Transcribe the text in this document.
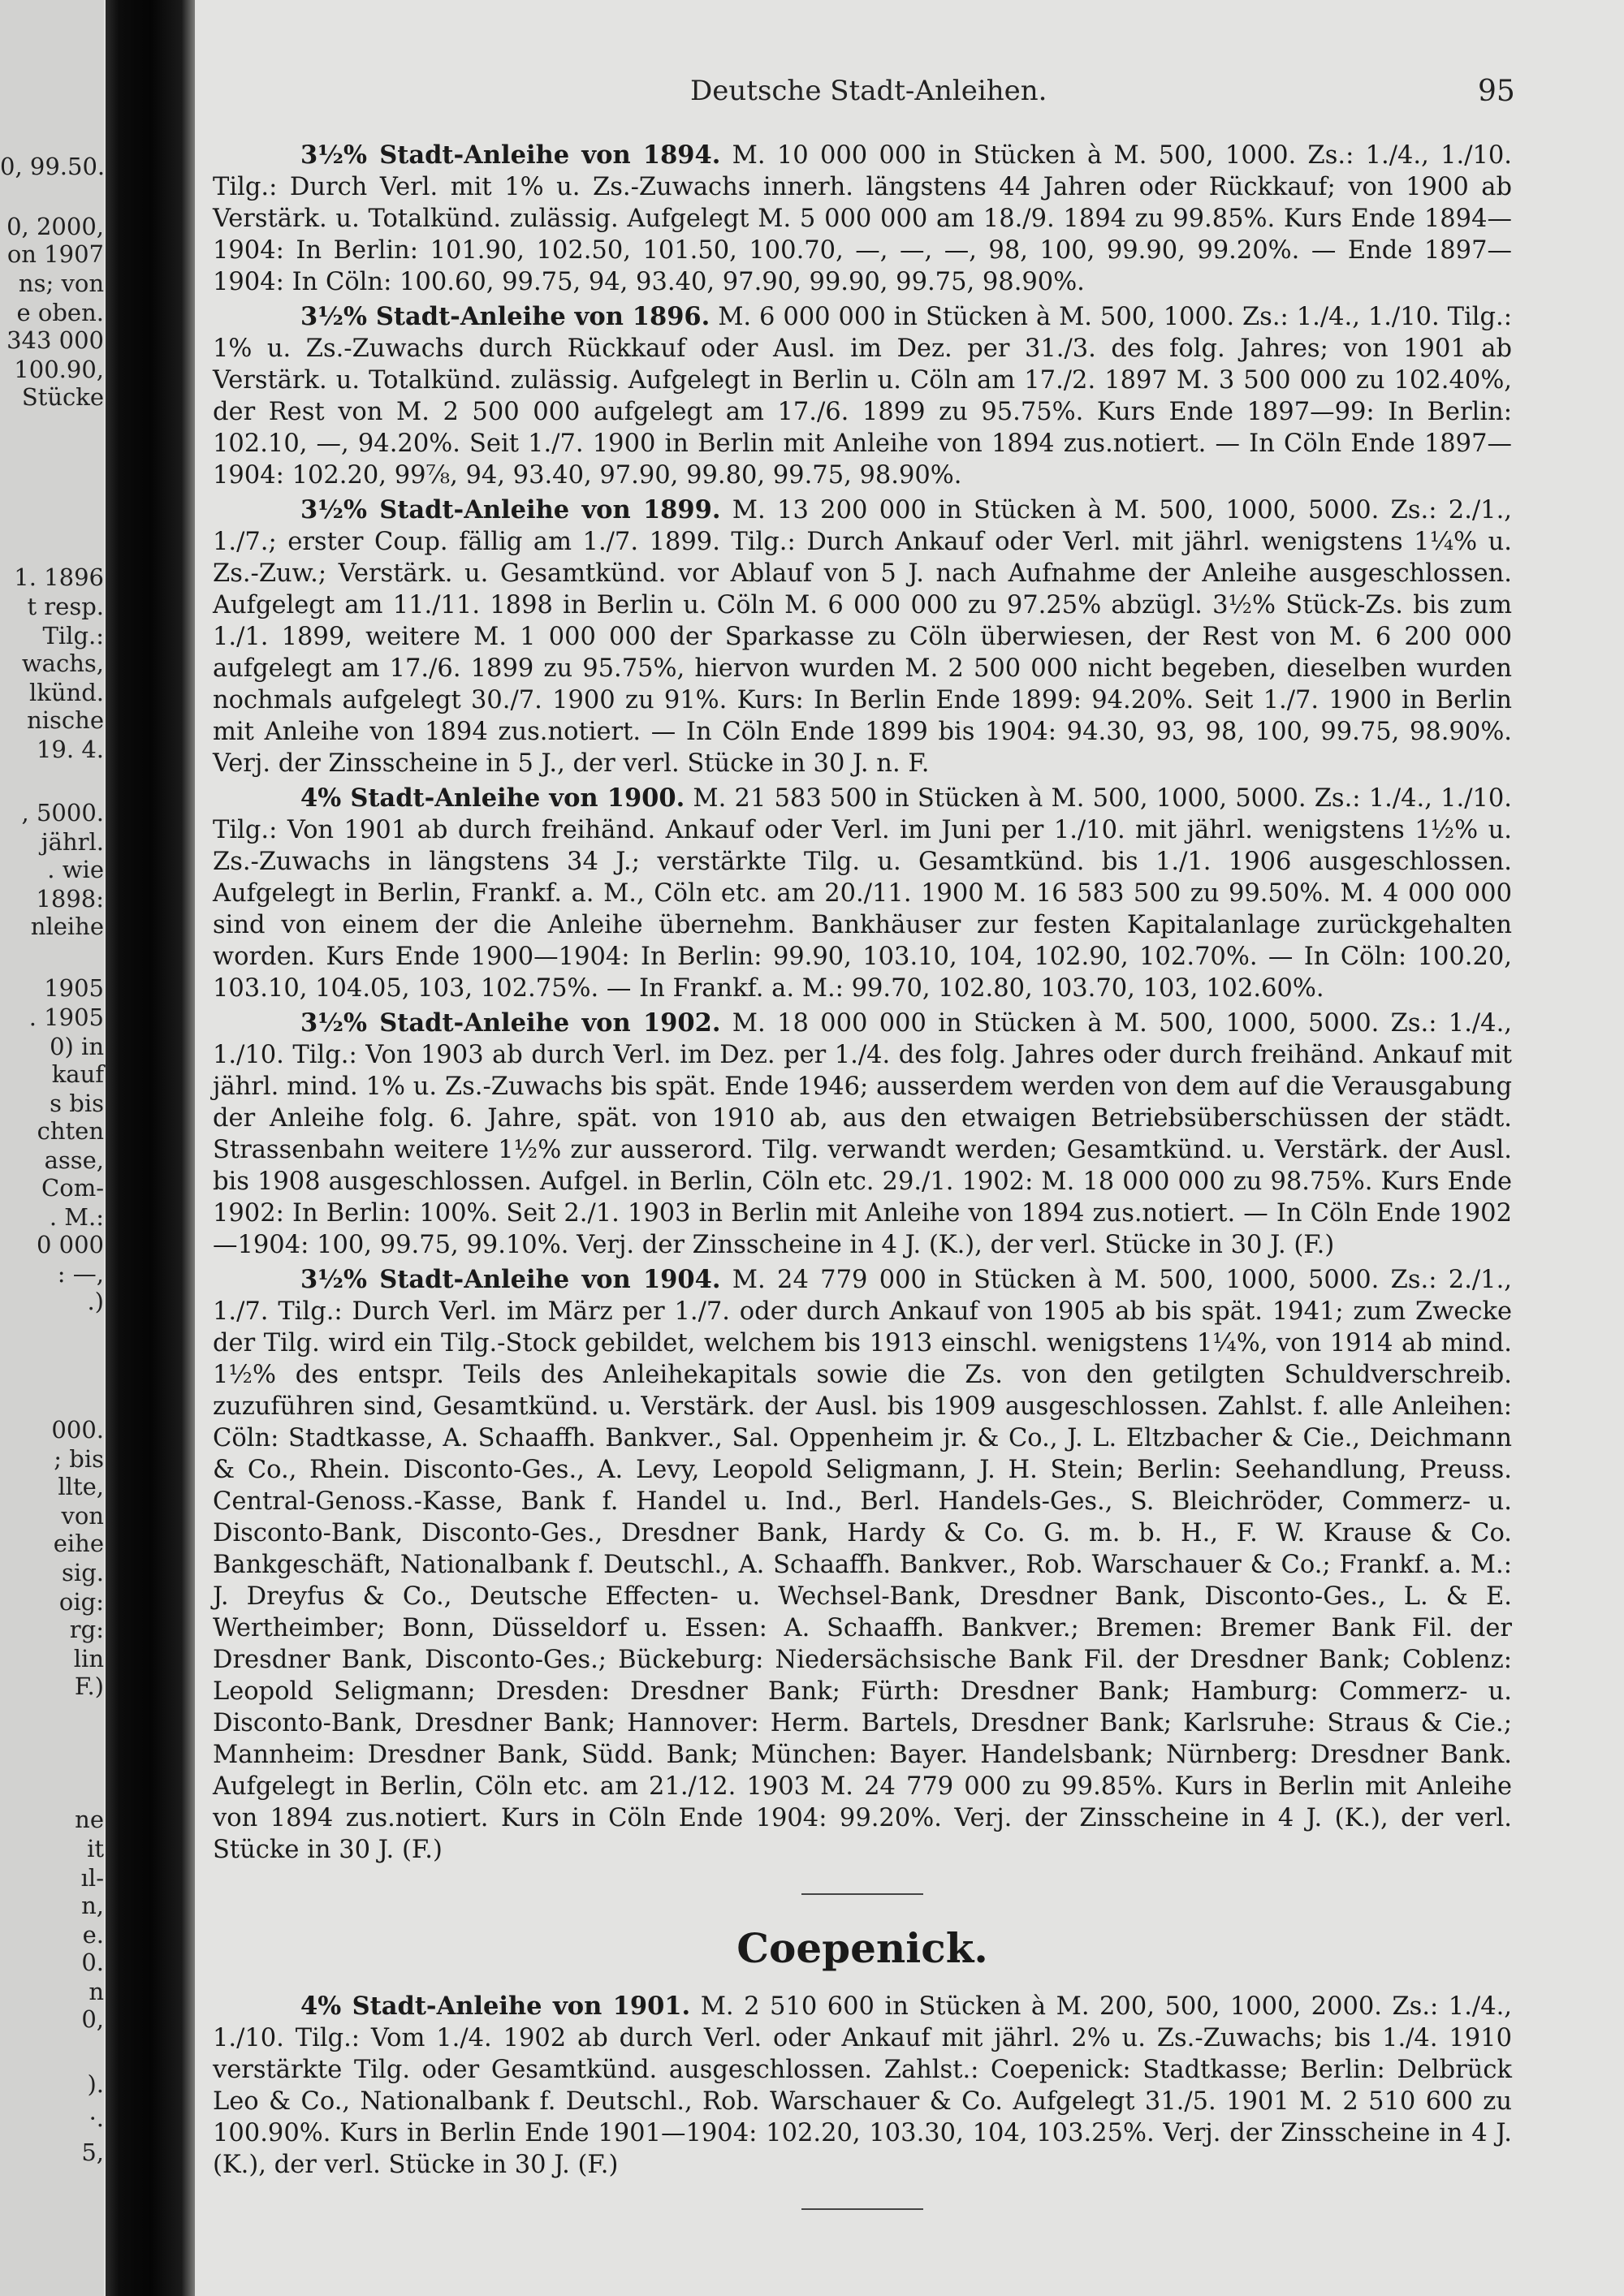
0, 99.50.
0, 2000,
on 1907
ns; von
e oben.
343 000
100.90,
Stücke
1. 1896
t resp.
Tilg.:
wachs,
lkünd.
nische
19. 4.
, 5000.
jährl.
. wie
1898:
nleihe
1905
. 1905
0) in
kauf
s bis
chten
asse,
Com-
. M.:
0 000
: —,
.)
000.
; bis
llte,
von
eihe
sig.
oig:
rg:
lin
F.)
ne
it
ıl-
n,
e.
0.
n
0,
).
·.
5,
Deutsche Stadt-Anleihen.	95

3½% Stadt-Anleihe von 1894. M. 10 000 000 in Stücken à M. 500, 1000. Zs.: 1./4., 1./10. Tilg.: Durch Verl. mit 1% u. Zs.-Zuwachs innerh. längstens 44 Jahren oder Rückkauf; von 1900 ab Verstärk. u. Totalkünd. zulässig. Aufgelegt M. 5 000 000 am 18./9. 1894 zu 99.85%. Kurs Ende 1894—1904: In Berlin: 101.90, 102.50, 101.50, 100.70, —, —, —, 98, 100, 99.90, 99.20%. — Ende 1897—1904: In Cöln: 100.60, 99.75, 94, 93.40, 97.90, 99.90, 99.75, 98.90%.

3½% Stadt-Anleihe von 1896. M. 6 000 000 in Stücken à M. 500, 1000. Zs.: 1./4., 1./10. Tilg.: 1% u. Zs.-Zuwachs durch Rückkauf oder Ausl. im Dez. per 31./3. des folg. Jahres; von 1901 ab Verstärk. u. Totalkünd. zulässig. Aufgelegt in Berlin u. Cöln am 17./2. 1897 M. 3 500 000 zu 102.40%, der Rest von M. 2 500 000 aufgelegt am 17./6. 1899 zu 95.75%. Kurs Ende 1897—99: In Berlin: 102.10, —, 94.20%. Seit 1./7. 1900 in Berlin mit Anleihe von 1894 zus.notiert. — In Cöln Ende 1897—1904: 102.20, 99⅞, 94, 93.40, 97.90, 99.80, 99.75, 98.90%.

3½% Stadt-Anleihe von 1899. M. 13 200 000 in Stücken à M. 500, 1000, 5000. Zs.: 2./1., 1./7.; erster Coup. fällig am 1./7. 1899. Tilg.: Durch Ankauf oder Verl. mit jährl. wenigstens 1¼% u. Zs.-Zuw.; Verstärk. u. Gesamtkünd. vor Ablauf von 5 J. nach Aufnahme der Anleihe ausgeschlossen. Aufgelegt am 11./11. 1898 in Berlin u. Cöln M. 6 000 000 zu 97.25% abzügl. 3½% Stück-Zs. bis zum 1./1. 1899, weitere M. 1 000 000 der Sparkasse zu Cöln überwiesen, der Rest von M. 6 200 000 aufgelegt am 17./6. 1899 zu 95.75%, hiervon wurden M. 2 500 000 nicht begeben, dieselben wurden nochmals aufgelegt 30./7. 1900 zu 91%. Kurs: In Berlin Ende 1899: 94.20%. Seit 1./7. 1900 in Berlin mit Anleihe von 1894 zus.notiert. — In Cöln Ende 1899 bis 1904: 94.30, 93, 98, 100, 99.75, 98.90%. Verj. der Zinsscheine in 5 J., der verl. Stücke in 30 J. n. F.

4% Stadt-Anleihe von 1900. M. 21 583 500 in Stücken à M. 500, 1000, 5000. Zs.: 1./4., 1./10. Tilg.: Von 1901 ab durch freihänd. Ankauf oder Verl. im Juni per 1./10. mit jährl. wenigstens 1½% u. Zs.-Zuwachs in längstens 34 J.; verstärkte Tilg. u. Gesamtkünd. bis 1./1. 1906 ausgeschlossen. Aufgelegt in Berlin, Frankf. a. M., Cöln etc. am 20./11. 1900 M. 16 583 500 zu 99.50%. M. 4 000 000 sind von einem der die Anleihe übernehm. Bankhäuser zur festen Kapitalanlage zurückgehalten worden. Kurs Ende 1900—1904: In Berlin: 99.90, 103.10, 104, 102.90, 102.70%. — In Cöln: 100.20, 103.10, 104.05, 103, 102.75%. — In Frankf. a. M.: 99.70, 102.80, 103.70, 103, 102.60%.

3½% Stadt-Anleihe von 1902. M. 18 000 000 in Stücken à M. 500, 1000, 5000. Zs.: 1./4., 1./10. Tilg.: Von 1903 ab durch Verl. im Dez. per 1./4. des folg. Jahres oder durch freihänd. Ankauf mit jährl. mind. 1% u. Zs.-Zuwachs bis spät. Ende 1946; ausserdem werden von dem auf die Verausgabung der Anleihe folg. 6. Jahre, spät. von 1910 ab, aus den etwaigen Betriebsüberschüssen der städt. Strassenbahn weitere 1½% zur ausserord. Tilg. verwandt werden; Gesamtkünd. u. Verstärk. der Ausl. bis 1908 ausgeschlossen. Aufgel. in Berlin, Cöln etc. 29./1. 1902: M. 18 000 000 zu 98.75%. Kurs Ende 1902: In Berlin: 100%. Seit 2./1. 1903 in Berlin mit Anleihe von 1894 zus.notiert. — In Cöln Ende 1902—1904: 100, 99.75, 99.10%. Verj. der Zinsscheine in 4 J. (K.), der verl. Stücke in 30 J. (F.)

3½% Stadt-Anleihe von 1904. M. 24 779 000 in Stücken à M. 500, 1000, 5000. Zs.: 2./1., 1./7. Tilg.: Durch Verl. im März per 1./7. oder durch Ankauf von 1905 ab bis spät. 1941; zum Zwecke der Tilg. wird ein Tilg.-Stock gebildet, welchem bis 1913 einschl. wenigstens 1¼%, von 1914 ab mind. 1½% des entspr. Teils des Anleihekapitals sowie die Zs. von den getilgten Schuldverschreib. zuzuführen sind, Gesamtkünd. u. Verstärk. der Ausl. bis 1909 ausgeschlossen. Zahlst. f. alle Anleihen: Cöln: Stadtkasse, A. Schaaffh. Bankver., Sal. Oppenheim jr. & Co., J. L. Eltzbacher & Cie., Deichmann & Co., Rhein. Disconto-Ges., A. Levy, Leopold Seligmann, J. H. Stein; Berlin: Seehandlung, Preuss. Central-Genoss.-Kasse, Bank f. Handel u. Ind., Berl. Handels-Ges., S. Bleichröder, Commerz- u. Disconto-Bank, Disconto-Ges., Dresdner Bank, Hardy & Co. G. m. b. H., F. W. Krause & Co. Bankgeschäft, Nationalbank f. Deutschl., A. Schaaffh. Bankver., Rob. Warschauer & Co.; Frankf. a. M.: J. Dreyfus & Co., Deutsche Effecten- u. Wechsel-Bank, Dresdner Bank, Disconto-Ges., L. & E. Wertheimber; Bonn, Düsseldorf u. Essen: A. Schaaffh. Bankver.; Bremen: Bremer Bank Fil. der Dresdner Bank, Disconto-Ges.; Bückeburg: Niedersächsische Bank Fil. der Dresdner Bank; Coblenz: Leopold Seligmann; Dresden: Dresdner Bank; Fürth: Dresdner Bank; Hamburg: Commerz- u. Disconto-Bank, Dresdner Bank; Hannover: Herm. Bartels, Dresdner Bank; Karlsruhe: Straus & Cie.; Mannheim: Dresdner Bank, Südd. Bank; München: Bayer. Handelsbank; Nürnberg: Dresdner Bank. Aufgelegt in Berlin, Cöln etc. am 21./12. 1903 M. 24 779 000 zu 99.85%. Kurs in Berlin mit Anleihe von 1894 zus.notiert. Kurs in Cöln Ende 1904: 99.20%. Verj. der Zinsscheine in 4 J. (K.), der verl. Stücke in 30 J. (F.)

Coepenick.

4% Stadt-Anleihe von 1901. M. 2 510 600 in Stücken à M. 200, 500, 1000, 2000. Zs.: 1./4., 1./10. Tilg.: Vom 1./4. 1902 ab durch Verl. oder Ankauf mit jährl. 2% u. Zs.-Zuwachs; bis 1./4. 1910 verstärkte Tilg. oder Gesamtkünd. ausgeschlossen. Zahlst.: Coepenick: Stadtkasse; Berlin: Delbrück Leo & Co., Nationalbank f. Deutschl., Rob. Warschauer & Co. Aufgelegt 31./5. 1901 M. 2 510 600 zu 100.90%. Kurs in Berlin Ende 1901—1904: 102.20, 103.30, 104, 103.25%. Verj. der Zinsscheine in 4 J. (K.), der verl. Stücke in 30 J. (F.)
